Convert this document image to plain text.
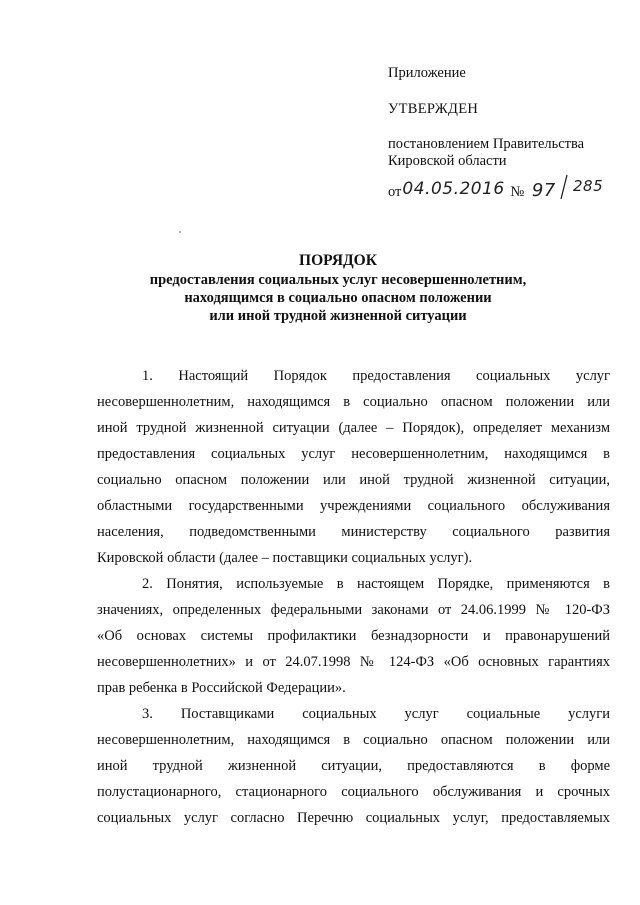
Приложение
УТВЕРЖДЕН
постановлением Правительства
Кировской области
от04.05.2016 № 97 285
ПОРЯДОК
предоставления социальных услуг несовершеннолетним,
находящимся в социально опасном положении
или иной трудной жизненной ситуации
1. Настоящий Порядок предоставления социальных услуг
несовершеннолетним, находящимся в социально опасном положении или
иной трудной жизненной ситуации (далее – Порядок), определяет механизм
предоставления социальных услуг несовершеннолетним, находящимся в
социально опасном положении или иной трудной жизненной ситуации,
областными государственными учреждениями социального обслуживания
населения, подведомственными министерству социального развития
Кировской области (далее – поставщики социальных услуг).
2. Понятия, используемые в настоящем Порядке, применяются в
значениях, определенных федеральными законами от 24.06.1999 № 120-ФЗ
«Об основах системы профилактики безнадзорности и правонарушений
несовершеннолетних» и от 24.07.1998 № 124-ФЗ «Об основных гарантиях
прав ребенка в Российской Федерации».
3. Поставщиками социальных услуг социальные услуги
несовершеннолетним, находящимся в социально опасном положении или
иной трудной жизненной ситуации, предоставляются в форме
полустационарного, стационарного социального обслуживания и срочных
социальных услуг согласно Перечню социальных услуг, предоставляемых
